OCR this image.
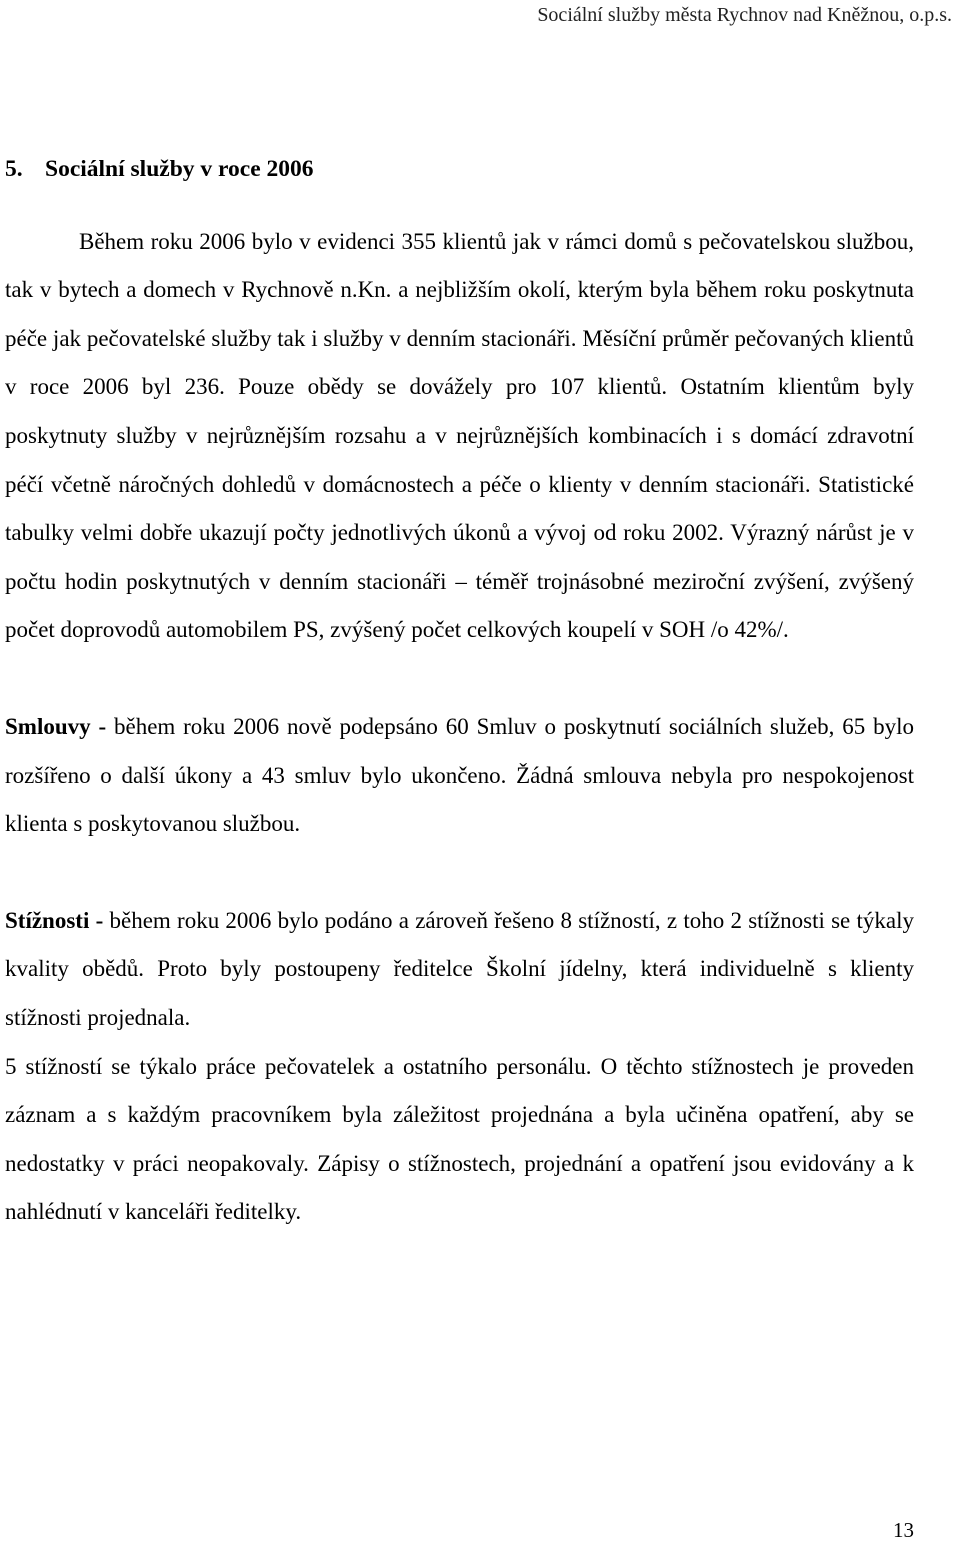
Sociální služby města Rychnov nad Kněžnou, o.p.s.
5. Sociální služby v roce 2006

Během roku 2006 bylo v evidenci 355 klientů jak v rámci domů s pečovatelskou službou, tak v bytech a domech v Rychnově n.Kn. a nejbližším okolí, kterým byla během roku poskytnuta péče jak pečovatelské služby tak i služby v denním stacionáři. Měsíční průměr pečovaných klientů v roce 2006 byl 236. Pouze obědy se dovážely pro 107 klientů. Ostatním klientům byly poskytnuty služby v nejrůznějším rozsahu a v nejrůznějších kombinacích i s domácí zdravotní péčí včetně náročných dohledů v domácnostech a péče o klienty v denním stacionáři. Statistické tabulky velmi dobře ukazují počty jednotlivých úkonů a vývoj od roku 2002. Výrazný nárůst je v počtu hodin poskytnutých v denním stacionáři – téměř trojnásobné meziroční zvýšení, zvýšený počet doprovodů automobilem PS, zvýšený počet celkových koupelí v SOH /o 42%/.

Smlouvy - během roku 2006 nově podepsáno 60 Smluv o poskytnutí sociálních služeb, 65 bylo rozšířeno o další úkony a 43 smluv bylo ukončeno. Žádná smlouva nebyla pro nespokojenost klienta s poskytovanou službou.

Stížnosti - během roku 2006 bylo podáno a zároveň řešeno 8 stížností, z toho 2 stížnosti se týkaly kvality obědů. Proto byly postoupeny ředitelce Školní jídelny, která individuelně s klienty stížnosti projednala.

5 stížností se týkalo práce pečovatelek a ostatního personálu. O těchto stížnostech je proveden záznam a s každým pracovníkem byla záležitost projednána a byla učiněna opatření, aby se nedostatky v práci neopakovaly. Zápisy o stížnostech, projednání a opatření jsou evidovány a k nahlédnutí v kanceláři ředitelky.

13
